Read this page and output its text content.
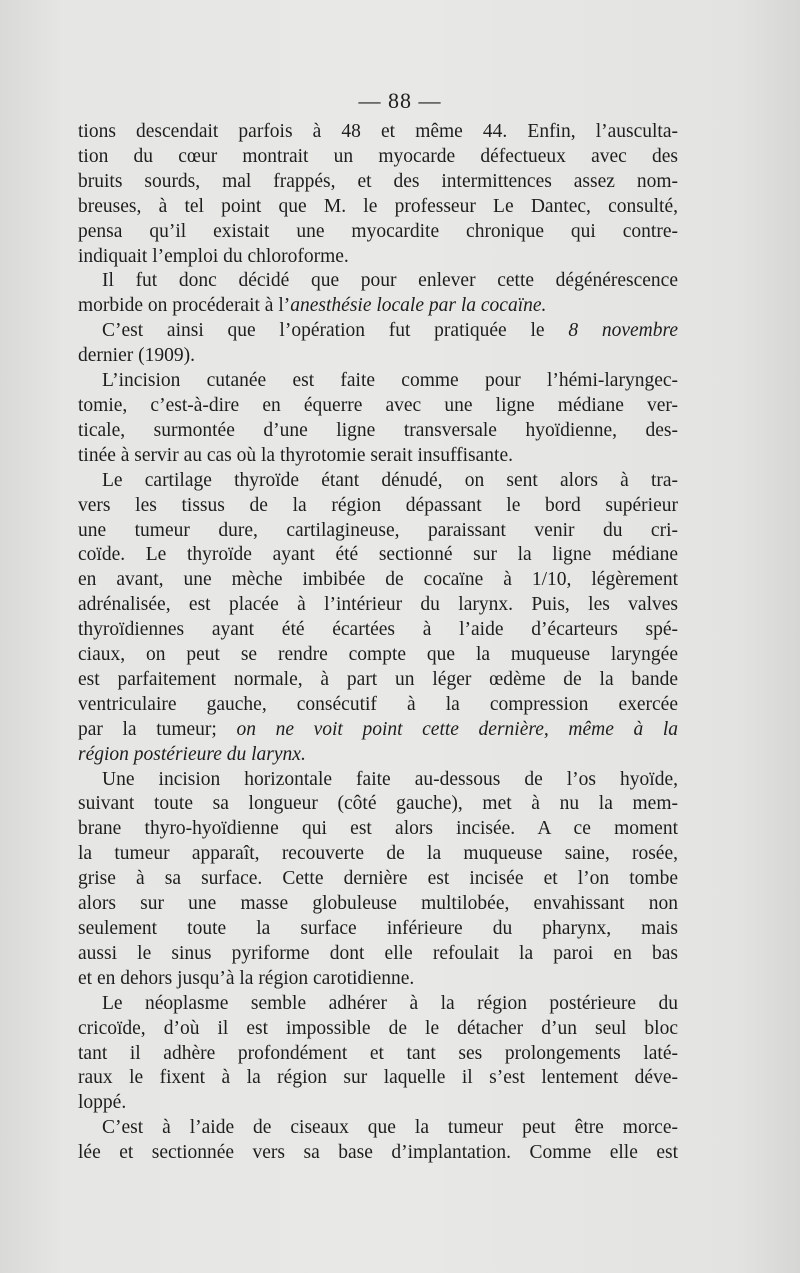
— 88 —
tions descendait parfois à 48 et même 44. Enfin, l’ausculta-
tion du cœur montrait un myocarde défectueux avec des
bruits sourds, mal frappés, et des intermittences assez nom-
breuses, à tel point que M. le professeur Le Dantec, consulté,
pensa qu’il existait une myocardite chronique qui contre-
indiquait l’emploi du chloroforme.
Il fut donc décidé que pour enlever cette dégénérescence
morbide on procéderait à l’anesthésie locale par la cocaïne.
C’est ainsi que l’opération fut pratiquée le 8 novembre
dernier (1909).
L’incision cutanée est faite comme pour l’hémi-laryngec-
tomie, c’est-à-dire en équerre avec une ligne médiane ver-
ticale, surmontée d’une ligne transversale hyoïdienne, des-
tinée à servir au cas où la thyrotomie serait insuffisante.
Le cartilage thyroïde étant dénudé, on sent alors à tra-
vers les tissus de la région dépassant le bord supérieur
une tumeur dure, cartilagineuse, paraissant venir du cri-
coïde. Le thyroïde ayant été sectionné sur la ligne médiane
en avant, une mèche imbibée de cocaïne à 1/10, légèrement
adrénalisée, est placée à l’intérieur du larynx. Puis, les valves
thyroïdiennes ayant été écartées à l’aide d’écarteurs spé-
ciaux, on peut se rendre compte que la muqueuse laryngée
est parfaitement normale, à part un léger œdème de la bande
ventriculaire gauche, consécutif à la compression exercée
par la tumeur; on ne voit point cette dernière, même à la
région postérieure du larynx.
Une incision horizontale faite au-dessous de l’os hyoïde,
suivant toute sa longueur (côté gauche), met à nu la mem-
brane thyro-hyoïdienne qui est alors incisée. A ce moment
la tumeur apparaît, recouverte de la muqueuse saine, rosée,
grise à sa surface. Cette dernière est incisée et l’on tombe
alors sur une masse globuleuse multilobée, envahissant non
seulement toute la surface inférieure du pharynx, mais
aussi le sinus pyriforme dont elle refoulait la paroi en bas
et en dehors jusqu’à la région carotidienne.
Le néoplasme semble adhérer à la région postérieure du
cricoïde, d’où il est impossible de le détacher d’un seul bloc
tant il adhère profondément et tant ses prolongements laté-
raux le fixent à la région sur laquelle il s’est lentement déve-
loppé.
C’est à l’aide de ciseaux que la tumeur peut être morce-
lée et sectionnée vers sa base d’implantation. Comme elle est
